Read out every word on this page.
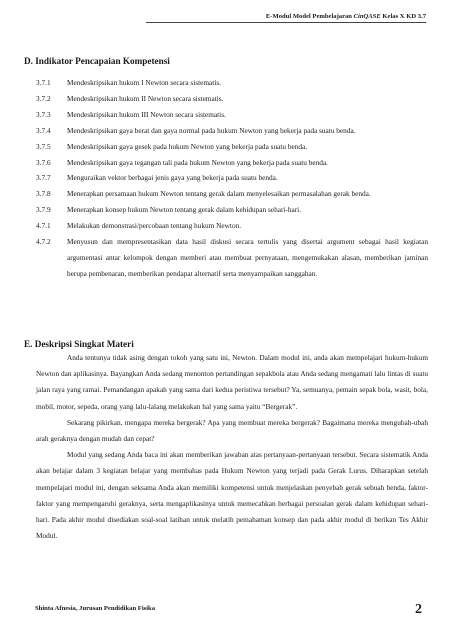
E-Modul Model Pembelajaran CinQASE Kelas X KD 3.7
D. Indikator Pencapaian Kompetensi
3.7.1	Mendeskripsikan hukum I Newton secara sistematis.
3.7.2	Mendeskripsikan hukum II Newton secara sistematis.
3.7.3	Mendeskripsikan hukum III Newton secara sistematis.
3.7.4	Mendeskripsikan gaya berat dan gaya normal pada hukum Newton yang bekerja pada suatu benda.
3.7.5	Mendeskripsikan gaya gesek pada hukum Newton yang bekerja pada suatu benda.
3.7.6	Mendeskripsikan gaya tegangan tali pada hukum Newton yang bekerja pada suatu benda.
3.7.7	Menguraikan vektor berbagai jenis gaya yang bekerja pada suatu benda.
3.7.8	Menerapkan persamaan hukum Newton tentang gerak dalam menyelesaikan permasalahan gerak benda.
3.7.9	Menerapkan konsep hukum Newton tentang gerak dalam kehidupan sehari-hari.
4.7.1	Melakukan demonstrasi/percobaan tentang hukum Newton.
4.7.2	Menyusun dan mempresentasikan data hasil diskusi secara tertulis yang disertai argument sebagai hasil kegiatan argumentasi antar kelompok dengan memberi atau membuat pernyataan, mengemukakan alasan, memberikan jaminan berupa pembenaran, memberikan pendapat alternatif serta menyampaikan sanggahan.
E. Deskripsi Singkat Materi

Anda tentunya tidak asing dengan tokoh yang satu ini, Newton. Dalam modul ini, anda akan mempelajari hukum-hukum Newton dan aplikasinya. Bayangkan Anda sedang menonton pertandingan sepakbola atau Anda sedang mengamati lalu lintas di suatu jalan raya yang ramai. Pemandangan apakah yang sama dari kedua peristiwa tersebut? Ya, semuanya, pemain sepak bola, wasit, bola, mobil, motor, sepeda, orang yang lalu-lalang melakukan hal yang sama yaitu “Bergerak”.

Sekarang pikirkan, mengapa mereka bergerak? Apa yang membuat mereka bergerak? Bagaimana mereka mengubah-ubah arah geraknya dengan mudah dan cepat?

Modul yang sedang Anda baca ini akan memberikan jawaban atas pertanyaan-pertanyaan tersebut. Secara sistematik Anda akan belajar dalam 3 kegiatan belajar yang membahas pada Hukum Newton yang terjadi pada Gerak Lurus. Diharapkan setelah mempelajari modul ini, dengan seksama Anda akan memiliki kompetensi untuk menjelaskan penyebab gerak sebuah benda, faktor-faktor yang mempengaruhi geraknya, serta mengaplikasinya untuk memecahkan berbagai persoalan gerak dalam kehidupan sehari-hari. Pada akhir modul disediakan soal-soal latihan untuk melatih pemahaman konsep dan pada akhir modul di berikan Tes Akhir Modul.

Shinta Afnesia, Jurusan Pendidikan Fisika	2
